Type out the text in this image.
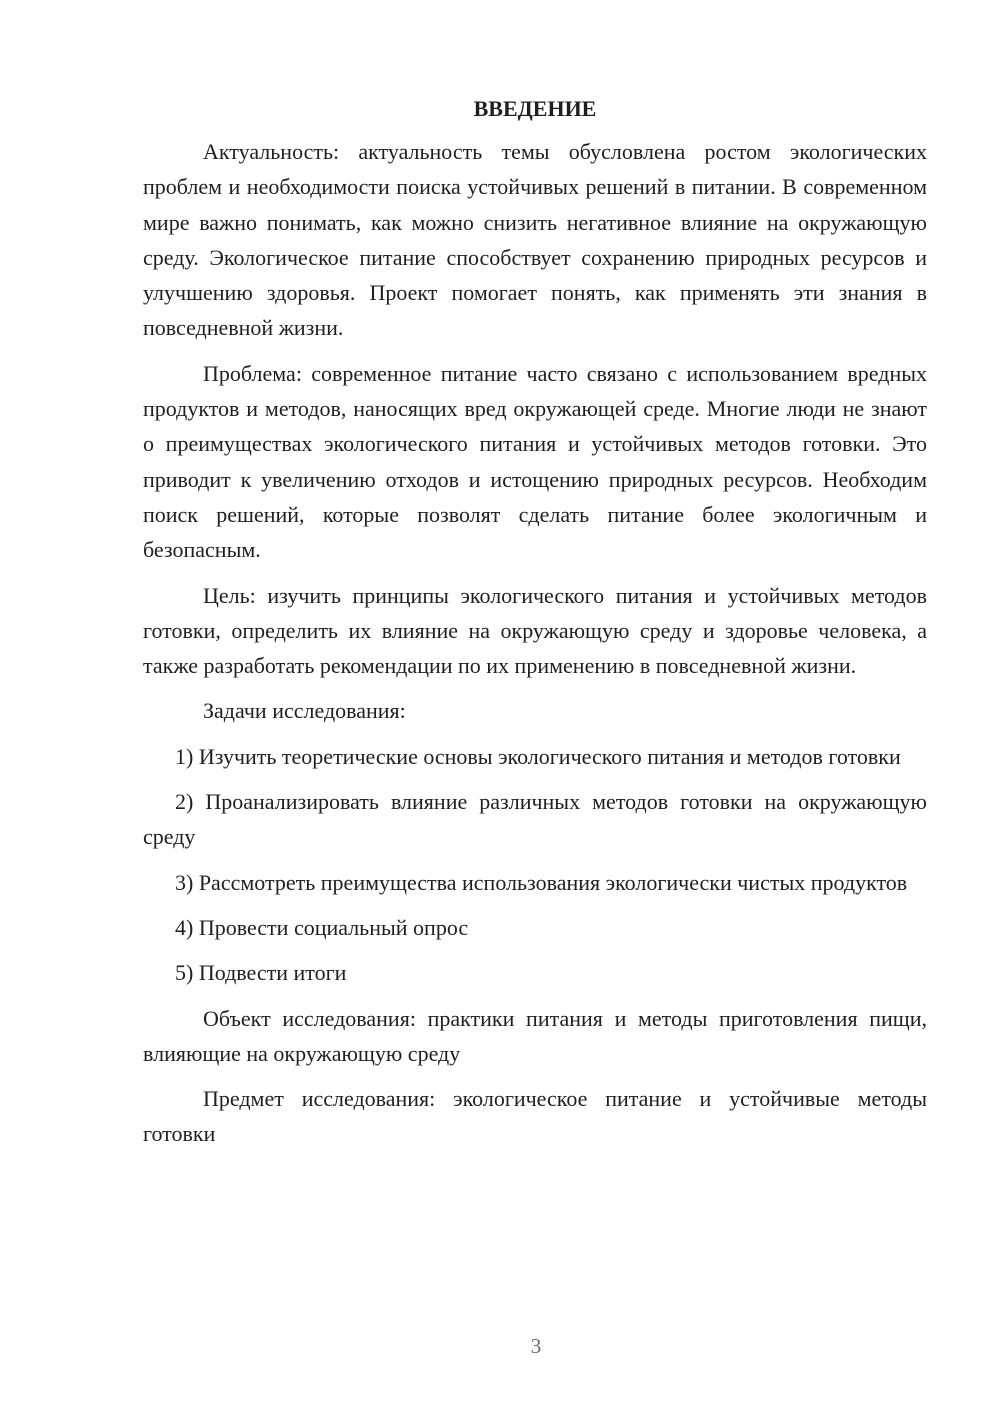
ВВЕДЕНИЕ

Актуальность: актуальность темы обусловлена ростом экологических проблем и необходимости поиска устойчивых решений в питании. В современном мире важно понимать, как можно снизить негативное влияние на окружающую среду. Экологическое питание способствует сохранению природных ресурсов и улучшению здоровья. Проект помогает понять, как применять эти знания в повседневной жизни.

Проблема: современное питание часто связано с использованием вредных продуктов и методов, наносящих вред окружающей среде. Многие люди не знают о преимуществах экологического питания и устойчивых методов готовки. Это приводит к увеличению отходов и истощению природных ресурсов. Необходим поиск решений, которые позволят сделать питание более экологичным и безопасным.

Цель: изучить принципы экологического питания и устойчивых методов готовки, определить их влияние на окружающую среду и здоровье человека, а также разработать рекомендации по их применению в повседневной жизни.

Задачи исследования:

1) Изучить теоретические основы экологического питания и методов готовки

2) Проанализировать влияние различных методов готовки на окружающую среду

3) Рассмотреть преимущества использования экологически чистых продуктов

4) Провести социальный опрос

5) Подвести итоги

Объект исследования: практики питания и методы приготовления пищи, влияющие на окружающую среду

Предмет исследования: экологическое питание и устойчивые методы готовки

3
